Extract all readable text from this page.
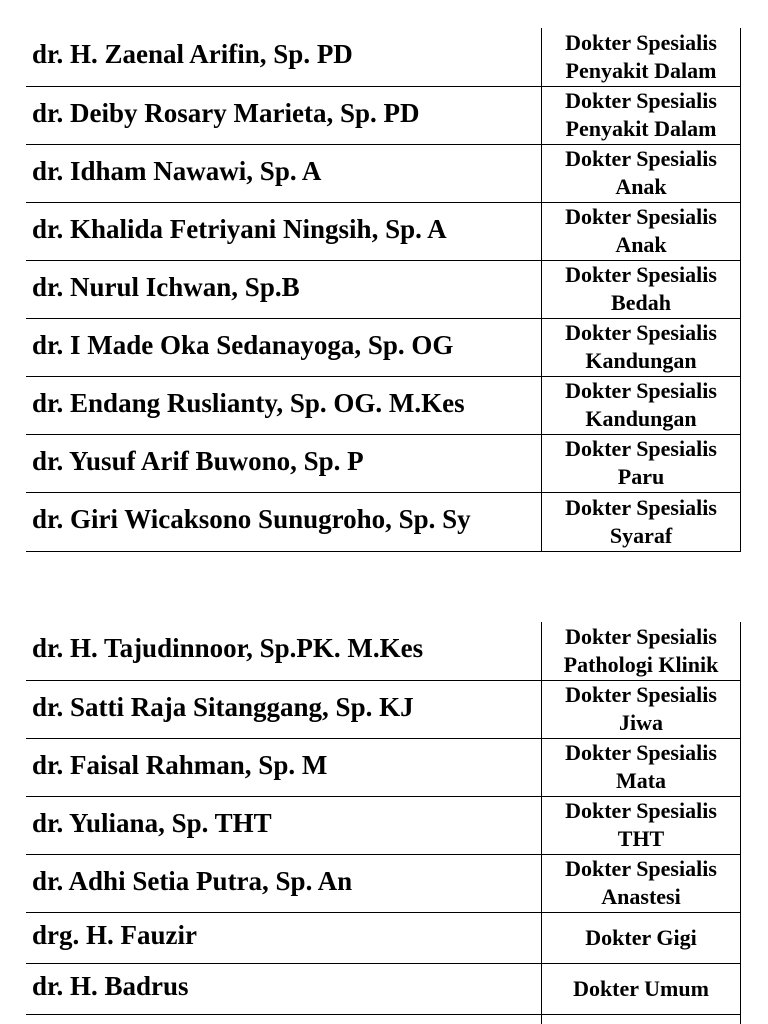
dr. H. Zaenal Arifin, Sp. PD	Dokter Spesialis
Penyakit Dalam

dr. Deiby Rosary Marieta, Sp. PD	Dokter Spesialis
Penyakit Dalam

dr. Idham Nawawi, Sp. A	Dokter Spesialis
Anak

dr. Khalida Fetriyani Ningsih, Sp. A	Dokter Spesialis
Anak

dr. Nurul Ichwan, Sp.B	Dokter Spesialis
Bedah

dr. I Made Oka Sedanayoga, Sp. OG	Dokter Spesialis
Kandungan

dr. Endang Ruslianty, Sp. OG. M.Kes	Dokter Spesialis
Kandungan

dr. Yusuf Arif Buwono, Sp. P	Dokter Spesialis
Paru

dr. Giri Wicaksono Sunugroho, Sp. Sy	Dokter Spesialis
Syaraf
dr. H. Tajudinnoor, Sp.PK. M.Kes	Dokter Spesialis
Pathologi Klinik

dr. Satti Raja Sitanggang, Sp. KJ	Dokter Spesialis
Jiwa

dr. Faisal Rahman, Sp. M	Dokter Spesialis
Mata

dr. Yuliana, Sp. THT	Dokter Spesialis
THT

dr. Adhi Setia Putra, Sp. An	Dokter Spesialis
Anastesi

drg. H. Fauzir	Dokter Gigi

dr. H. Badrus	Dokter Umum
